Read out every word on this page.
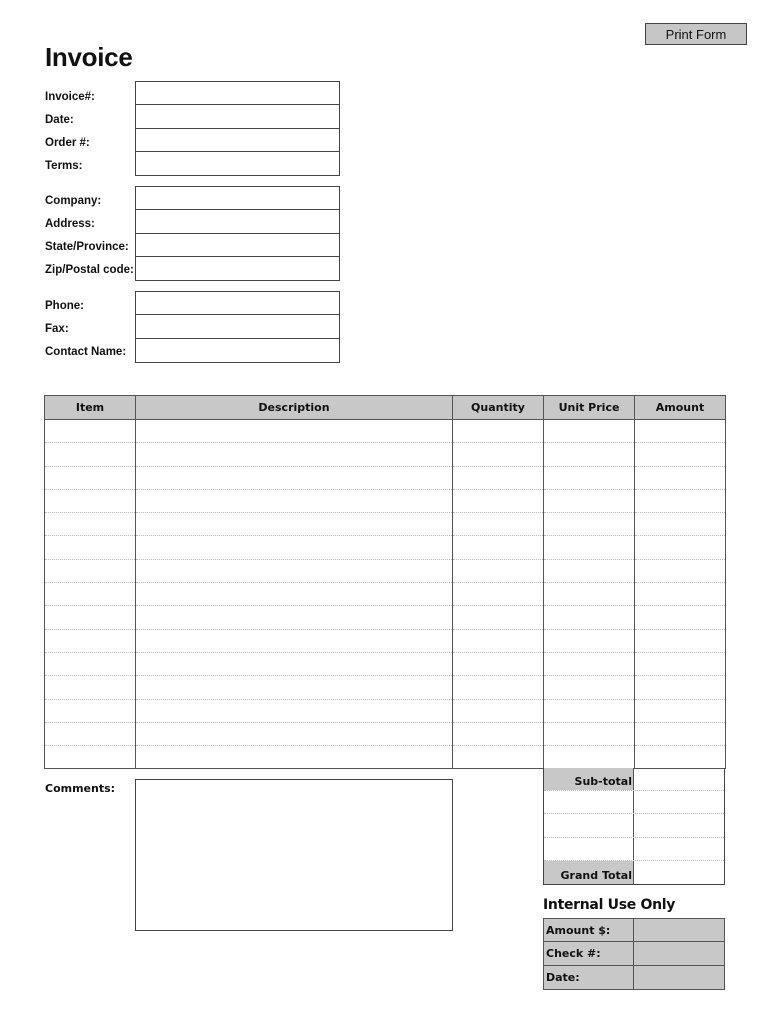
Print Form
Invoice
Invoice#:
Date:
Order #:
Terms:
Company:
Address:
State/Province:
Zip/Postal code:
Phone:
Fax:
Contact Name:
Item	Description	Quantity	Unit Price	Amount

Comments:
Sub-total
Grand Total
Internal Use Only
Amount $:
Check #:
Date:
